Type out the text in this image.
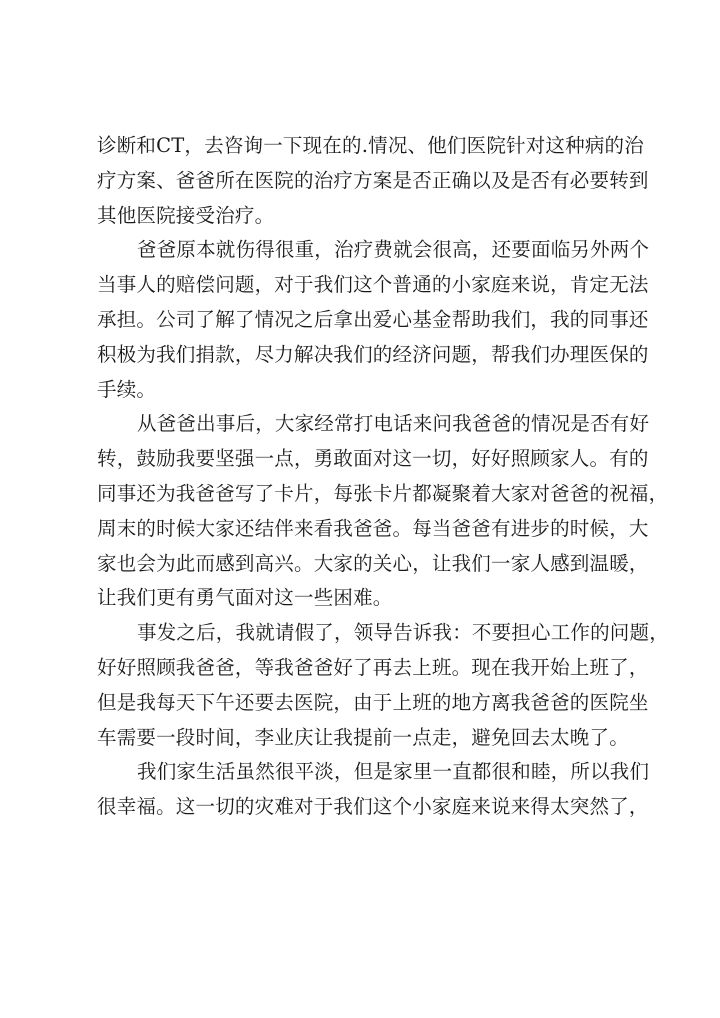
诊断和CT，去咨询一下现在的.情况、他们医院针对这种病的治
疗方案、爸爸所在医院的治疗方案是否正确以及是否有必要转到
其他医院接受治疗。
爸爸原本就伤得很重，治疗费就会很高，还要面临另外两个
当事人的赔偿问题，对于我们这个普通的小家庭来说，肯定无法
承担。公司了解了情况之后拿出爱心基金帮助我们，我的同事还
积极为我们捐款，尽力解决我们的经济问题，帮我们办理医保的
手续。
从爸爸出事后，大家经常打电话来问我爸爸的情况是否有好
转，鼓励我要坚强一点，勇敢面对这一切，好好照顾家人。有的
同事还为我爸爸写了卡片，每张卡片都凝聚着大家对爸爸的祝福，
周末的时候大家还结伴来看我爸爸。每当爸爸有进步的时候，大
家也会为此而感到高兴。大家的关心，让我们一家人感到温暖，
让我们更有勇气面对这一些困难。
事发之后，我就请假了，领导告诉我：不要担心工作的问题，
好好照顾我爸爸，等我爸爸好了再去上班。现在我开始上班了，
但是我每天下午还要去医院，由于上班的地方离我爸爸的医院坐
车需要一段时间，李业庆让我提前一点走，避免回去太晚了。
我们家生活虽然很平淡，但是家里一直都很和睦，所以我们
很幸福。这一切的灾难对于我们这个小家庭来说来得太突然了，
